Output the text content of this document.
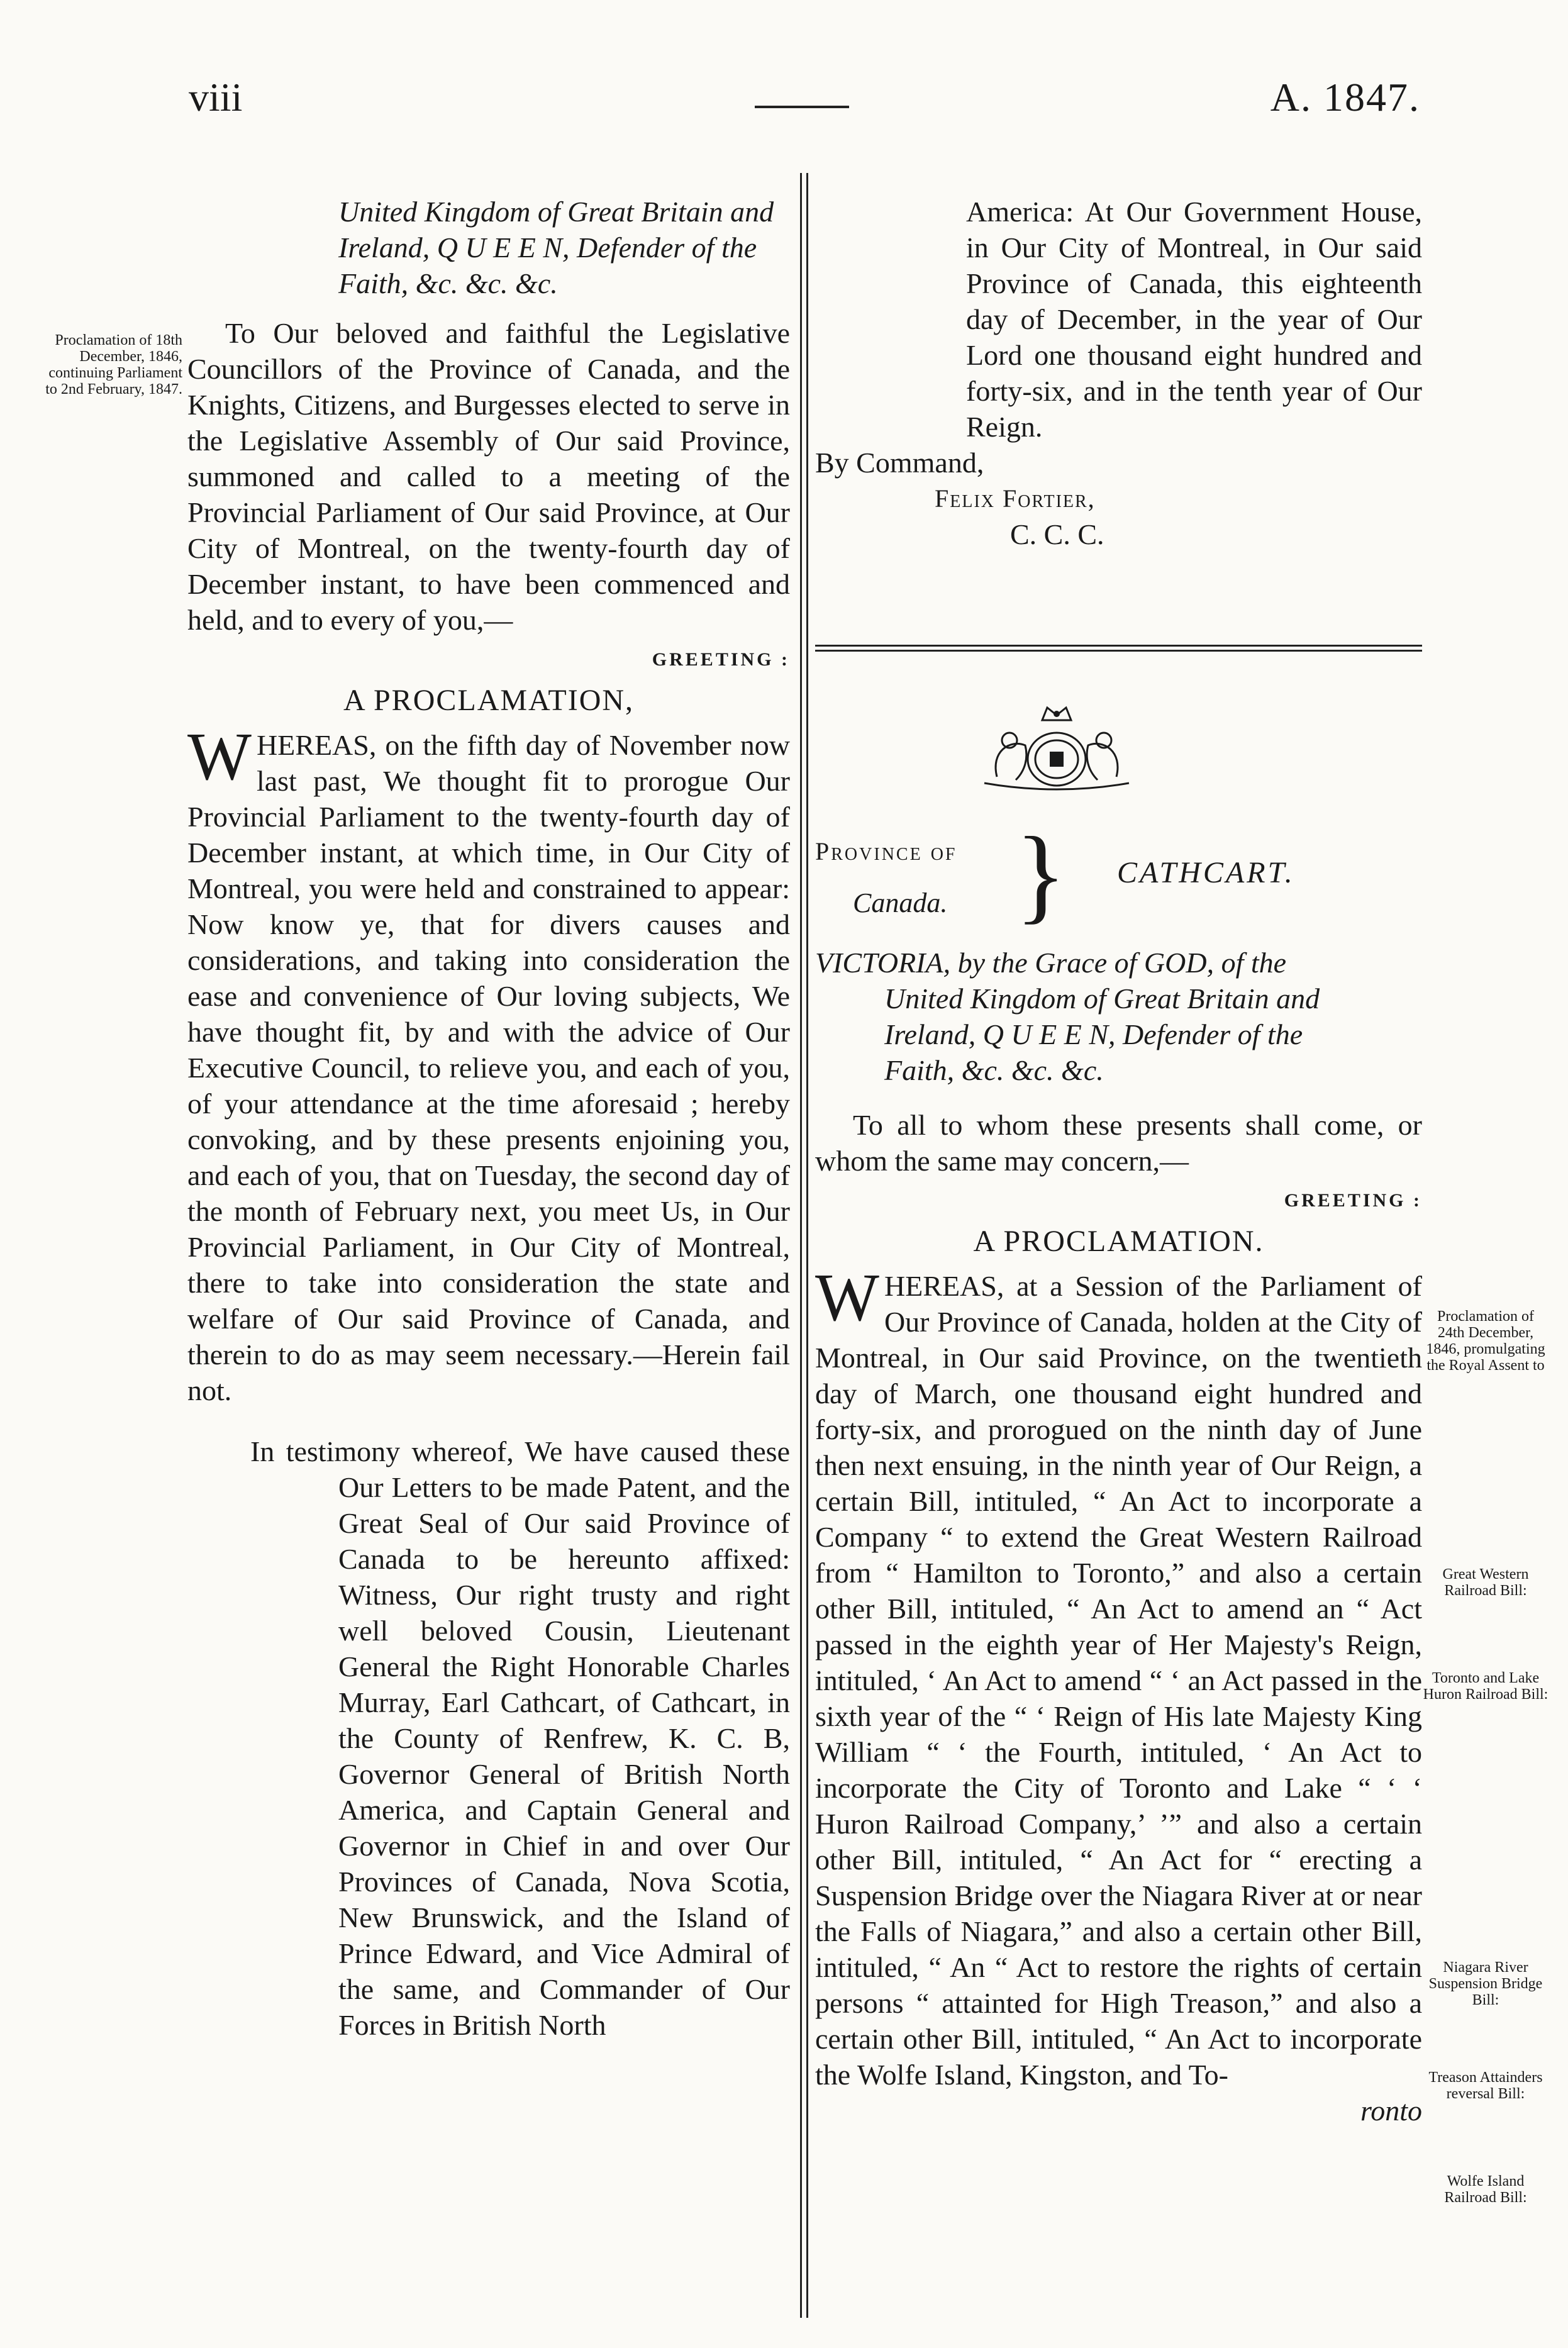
viii	A. 1847.
Proclamation of 18th December, 1846, continuing Parliament to 2nd February, 1847.

United Kingdom of Great Britain and

Ireland, Q U E E N, Defender of the

Faith, &c. &c. &c.

To Our beloved and faithful the Legislative Councillors of the Province of Canada, and the Knights, Citizens, and Burgesses elected to serve in the Legislative Assembly of Our said Province, summoned and called to a meeting of the Provincial Parliament of Our said Province, at Our City of Montreal, on the twenty-fourth day of December instant, to have been commenced and held, and to every of you,—

GREETING :
A PROCLAMATION,

WHEREAS, on the fifth day of November now last past, We thought fit to prorogue Our Provincial Parliament to the twenty-fourth day of December instant, at which time, in Our City of Montreal, you were held and constrained to appear: Now know ye, that for divers causes and considerations, and taking into consideration the ease and convenience of Our loving subjects, We have thought fit, by and with the advice of Our Executive Council, to relieve you, and each of you, of your attendance at the time aforesaid ; hereby convoking, and by these presents enjoining you, and each of you, that on Tuesday, the second day of the month of February next, you meet Us, in Our Provincial Parliament, in Our City of Montreal, there to take into consideration the state and welfare of Our said Province of Canada, and therein to do as may seem necessary.—Herein fail not.

In testimony whereof, We have caused these Our Letters to be made Patent, and the Great Seal of Our said Province of Canada to be hereunto affixed: Witness, Our right trusty and right well beloved Cousin, Lieutenant General the Right Honorable Charles Murray, Earl Cathcart, of Cathcart, in the County of Renfrew, K. C. B, Governor General of British North America, and Captain General and Governor in Chief in and over Our Provinces of Canada, Nova Scotia, New Brunswick, and the Island of Prince Edward, and Vice Admiral of the same, and Commander of Our Forces in British North

America: At Our Government House, in Our City of Montreal, in Our said Province of Canada, this eighteenth day of December, in the year of Our Lord one thousand eight hundred and forty-six, and in the tenth year of Our Reign.

By Command,

Felix Fortier,

C. C. C.

Province of
Canada. } CATHCART.

VICTORIA, by the Grace of GOD, of the

United Kingdom of Great Britain and

Ireland, Q U E E N, Defender of the

Faith, &c. &c. &c.

To all to whom these presents shall come, or whom the same may concern,—

GREETING :
A PROCLAMATION.

WHEREAS, at a Session of the Parliament of Our Province of Canada, holden at the City of Montreal, in Our said Province, on the twentieth day of March, one thousand eight hundred and forty-six, and prorogued on the ninth day of June then next ensuing, in the ninth year of Our Reign, a certain Bill, intituled, “ An Act to incorporate a Company “ to extend the Great Western Railroad from “ Hamilton to Toronto,” and also a certain other Bill, intituled, “ An Act to amend an “ Act passed in the eighth year of Her Majesty's Reign, intituled, ‘ An Act to amend “ ‘ an Act passed in the sixth year of the “ ‘ Reign of His late Majesty King William “ ‘ the Fourth, intituled, ‘ An Act to incorporate the City of Toronto and Lake “ ‘ ‘ Huron Railroad Company,’ ’” and also a certain other Bill, intituled, “ An Act for “ erecting a Suspension Bridge over the Niagara River at or near the Falls of Niagara,” and also a certain other Bill, intituled, “ An “ Act to restore the rights of certain persons “ attainted for High Treason,” and also a certain other Bill, intituled, “ An Act to incorporate the Wolfe Island, Kingston, and To-

ronto

Proclamation of 24th December, 1846, promulgating the Royal Assent to
Great Western Railroad Bill:
Toronto and Lake Huron Railroad Bill:
Niagara River Suspension Bridge Bill:
Treason Attainders reversal Bill:
Wolfe Island Railroad Bill:
